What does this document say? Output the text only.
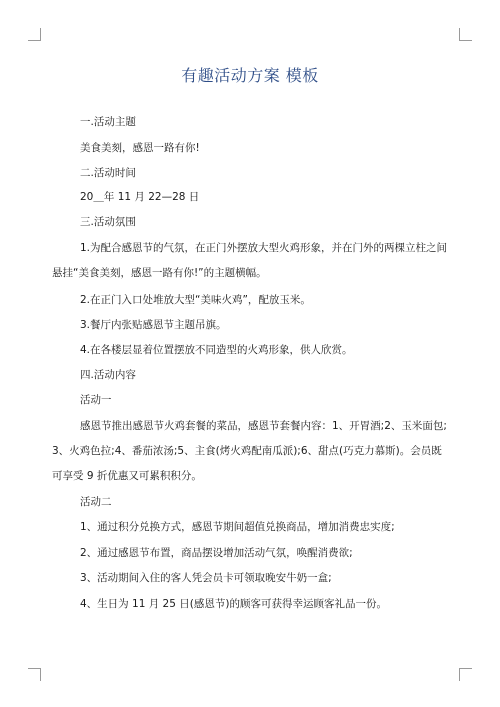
有趣活动方案 模板
一.活动主题
美食美刻，感恩一路有你!
二.活动时间
20＿年 11 月 22—28 日
三.活动氛围
1.为配合感恩节的气氛，在正门外摆放大型火鸡形象，并在门外的两棵立柱之间
悬挂“美食美刻，感恩一路有你!”的主题横幅。
2.在正门入口处堆放大型“美味火鸡”，配放玉米。
3.餐厅内张贴感恩节主题吊旗。
4.在各楼层显着位置摆放不同造型的火鸡形象，供人欣赏。
四.活动内容
活动一
感恩节推出感恩节火鸡套餐的菜品，感恩节套餐内容：1、开胃酒;2、玉米面包;
3、火鸡色拉;4、番茄浓汤;5、主食(烤火鸡配南瓜派);6、甜点(巧克力慕斯)。会员既
可享受 9 折优惠又可累积积分。
活动二
1、通过积分兑换方式，感恩节期间超值兑换商品，增加消费忠实度;
2、通过感恩节布置，商品摆设增加活动气氛，唤醒消费欲;
3、活动期间入住的客人凭会员卡可领取晚安牛奶一盒;
4、生日为 11 月 25 日(感恩节)的顾客可获得幸运顾客礼品一份。
